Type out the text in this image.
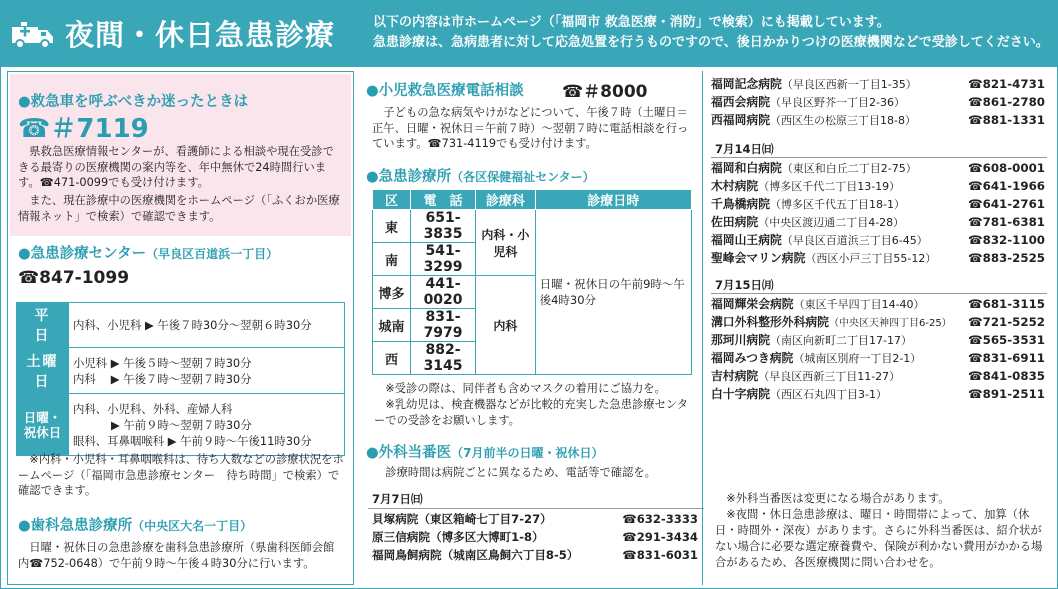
夜間・休日急患診療	以下の内容は市ホームページ（「福岡市 救急医療・消防」で検索）にも掲載しています。
急患診療は、急病患者に対して応急処置を行うものですので、後日かかりつけの医療機関などで受診してください。
●救急車を呼ぶべきか迷ったときは
☎＃7119
県救急医療情報センターが、看護師による相談や現在受診できる最寄りの医療機関の案内等を、年中無休で24時間行います。☎471-0099でも受け付けます。
また、現在診療中の医療機関をホームページ（「ふくおか医療情報ネット」で検索）で確認できます。
●急患診療センター（早良区百道浜一丁目）
☎847-1099
平　日	内科、小児科 ▶ 午後７時30分～翌朝６時30分

土曜日	小児科 ▶ 午後５時～翌朝７時30分
内科　 ▶ 午後７時～翌朝７時30分

日曜・祝休日	内科、小児科、外科、産婦人科
▶ 午前９時～翌朝７時30分
眼科、耳鼻咽喉科 ▶ 午前９時～午後11時30分
※内科・小児科・耳鼻咽喉科は、待ち人数などの診療状況をホームページ（「福岡市急患診療センター　待ち時間」で検索）で確認できます。
●歯科急患診療所（中央区大名一丁目）
日曜・祝休日の急患診療を歯科急患診療所（県歯科医師会館内☎752-0648）で午前９時～午後４時30分に行います。
●小児救急医療電話相談 ☎＃8000
子どもの急な病気やけがなどについて、午後７時（土曜日＝正午、日曜・祝休日＝午前７時）～翌朝７時に電話相談を行っています。☎731-4119でも受け付けます。
●急患診療所（各区保健福祉センター）
区	電　話	診療科	診療日時
東	651-3835	内科・小児科	日曜・祝休日の午前9時～午後4時30分
南	541-3299		
博多	441-0020	内科	
城南	831-7979		
西	882-3145		
※受診の際は、同伴者も含めマスクの着用にご協力を。
※乳幼児は、検査機器などが比較的充実した急患診療センターでの受診をお願いします。
●外科当番医（7月前半の日曜・祝休日）
診療時間は病院ごとに異なるため、電話等で確認を。
7月7日㈰
貝塚病院（東区箱崎七丁目7-27）	☎632-3333
原三信病院（博多区大博町1-8）	☎291-3434
福岡鳥飼病院（城南区鳥飼六丁目8-5）	☎831-6031
福岡記念病院（早良区西新一丁目1-35）	☎821-4731
福西会病院（早良区野芥一丁目2-36）	☎861-2780
西福岡病院（西区生の松原三丁目18-8）	☎881-1331
7月14日㈰
福岡和白病院（東区和白丘二丁目2-75）	☎608-0001
木村病院（博多区千代二丁目13-19）	☎641-1966
千鳥橋病院（博多区千代五丁目18-1）	☎641-2761
佐田病院（中央区渡辺通二丁目4-28）	☎781-6381
福岡山王病院（早良区百道浜三丁目6-45）	☎832-1100
聖峰会マリン病院（西区小戸三丁目55-12）	☎883-2525
7月15日㈪
福岡輝栄会病院（東区千早四丁目14-40）	☎681-3115
溝口外科整形外科病院（中央区天神四丁目6-25） ☎721-5252
那珂川病院（南区向新町二丁目17-17）	☎565-3531
福岡みつき病院（城南区別府一丁目2-1）	☎831-6911
吉村病院（早良区西新三丁目11-27）	☎841-0835
白十字病院（西区石丸四丁目3-1）	☎891-2511
※外科当番医は変更になる場合があります。
※夜間・休日急患診療は、曜日・時間帯によって、加算（休日・時間外・深夜）があります。さらに外科当番医は、紹介状がない場合に必要な選定療養費や、保険が利かない費用がかかる場合があるため、各医療機関に問い合わせを。
